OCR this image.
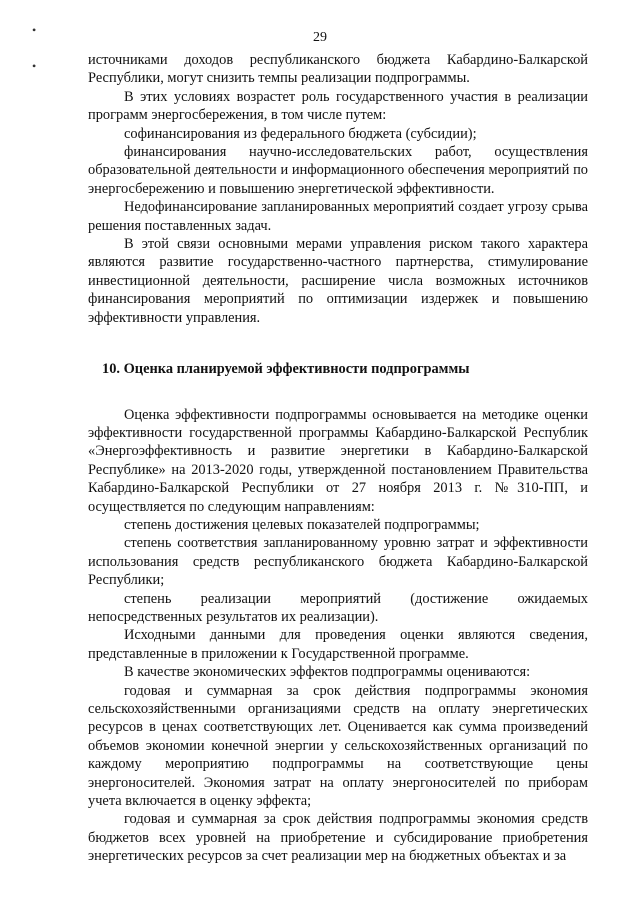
•
•
29

источниками доходов республиканского бюджета Кабардино-Балкарской Республики, могут снизить темпы реализации подпрограммы.

В этих условиях возрастет роль государственного участия в реализации программ энергосбережения, в том числе путем:

софинансирования из федерального бюджета (субсидии);

финансирования научно-исследовательских работ, осуществления образовательной деятельности и информационного обеспечения мероприятий по энергосбережению и повышению энергетической эффективности.

Недофинансирование запланированных мероприятий создает угрозу срыва решения поставленных задач.

В этой связи основными мерами управления риском такого характера являются развитие государственно-частного партнерства, стимулирование инвестиционной деятельности, расширение числа возможных источников финансирования мероприятий по оптимизации издержек и повышению эффективности управления.

10. Оценка планируемой эффективности подпрограммы

Оценка эффективности подпрограммы основывается на методике оценки эффективности государственной программы Кабардино-Балкарской Республик «Энергоэффективность и развитие энергетики в Кабардино-Балкарской Республике» на 2013-2020 годы, утвержденной постановлением Правительства Кабардино-Балкарской Республики от 27 ноября 2013 г. №310-ПП, и осуществляется по следующим направлениям:

степень достижения целевых показателей подпрограммы;

степень соответствия запланированному уровню затрат и эффективности использования средств республиканского бюджета Кабардино-Балкарской Республики;

степень реализации мероприятий (достижение ожидаемых непосредственных результатов их реализации).

Исходными данными для проведения оценки являются сведения, представленные в приложении к Государственной программе.

В качестве экономических эффектов подпрограммы оцениваются:

годовая и суммарная за срок действия подпрограммы экономия сельскохозяйственными организациями средств на оплату энергетических ресурсов в ценах соответствующих лет. Оценивается как сумма произведений объемов экономии конечной энергии у сельскохозяйственных организаций по каждому мероприятию подпрограммы на соответствующие цены энергоносителей. Экономия затрат на оплату энергоносителей по приборам учета включается в оценку эффекта;

годовая и суммарная за срок действия подпрограммы экономия средств бюджетов всех уровней на приобретение и субсидирование приобретения энергетических ресурсов за счет реализации мер на бюджетных объектах и за
